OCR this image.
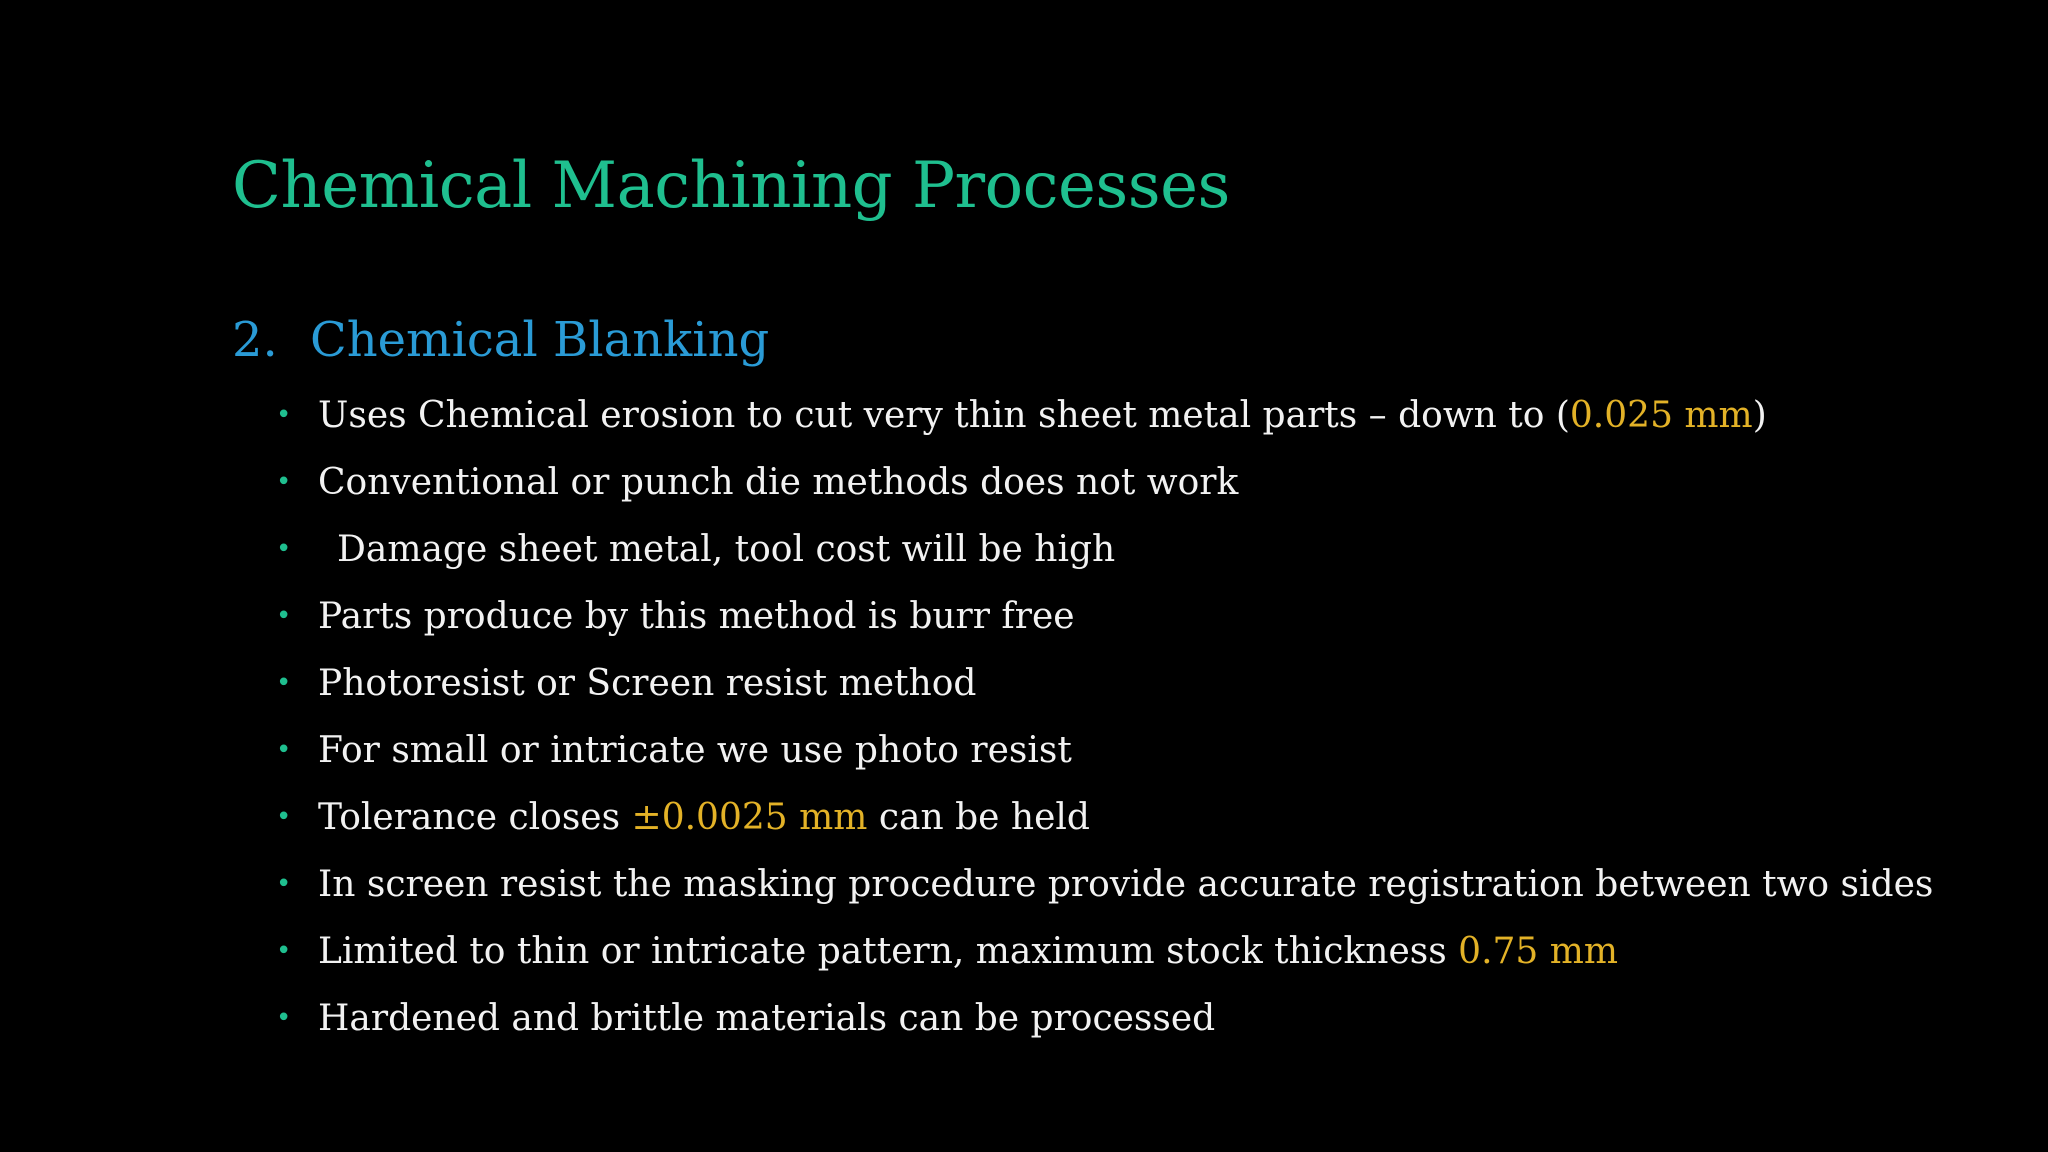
Chemical Machining Processes
2. Chemical Blanking
• Uses Chemical erosion to cut very thin sheet metal parts – down to (0.025 mm)
• Conventional or punch die methods does not work
• Damage sheet metal, tool cost will be high
• Parts produce by this method is burr free
• Photoresist or Screen resist method
• For small or intricate we use photo resist
• Tolerance closes ±0.0025 mm can be held
• In screen resist the masking procedure provide accurate registration between two sides
• Limited to thin or intricate pattern, maximum stock thickness 0.75 mm
• Hardened and brittle materials can be processed
